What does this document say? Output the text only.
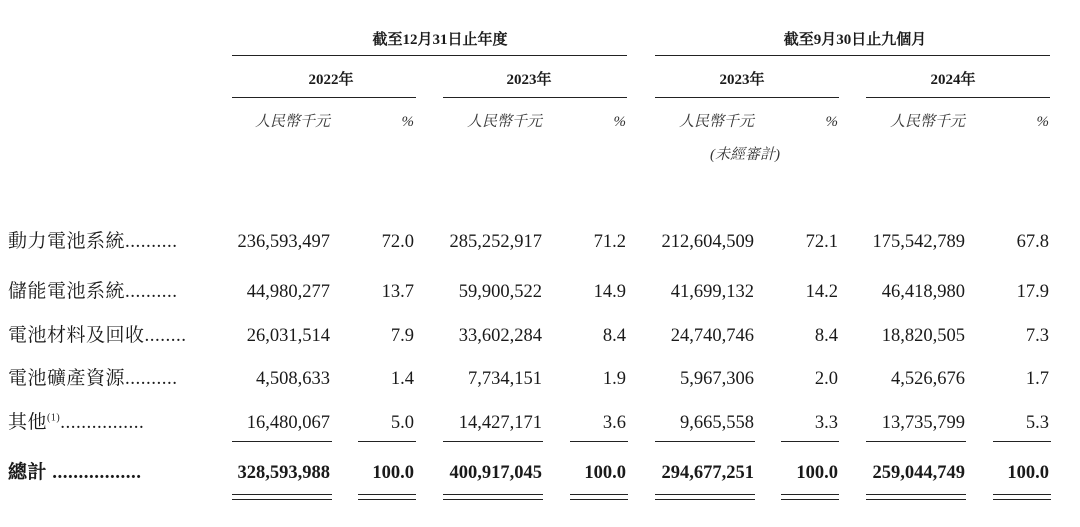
截至12月31日止年度	截至9月30日止九個月
2022年	2023年	2023年	2024年
人民幣千元	%	人民幣千元	%	人民幣千元	%	人民幣千元	%
(未經審計)
動力電池系統..........	236,593,497	72.0	285,252,917	71.2	212,604,509	72.1	175,542,789	67.8
儲能電池系統..........	44,980,277	13.7	59,900,522	14.9	41,699,132	14.2	46,418,980	17.9
電池材料及回收........	26,031,514	7.9	33,602,284	8.4	24,740,746	8.4	18,820,505	7.3
電池礦產資源..........	4,508,633	1.4	7,734,151	1.9	5,967,306	2.0	4,526,676	1.7
其他$^{(1)}$................	16,480,067	5.0	14,427,171	3.6	9,665,558	3.3	13,735,799	5.3
總計 .................	328,593,988	100.0	400,917,045	100.0	294,677,251	100.0	259,044,749	100.0
